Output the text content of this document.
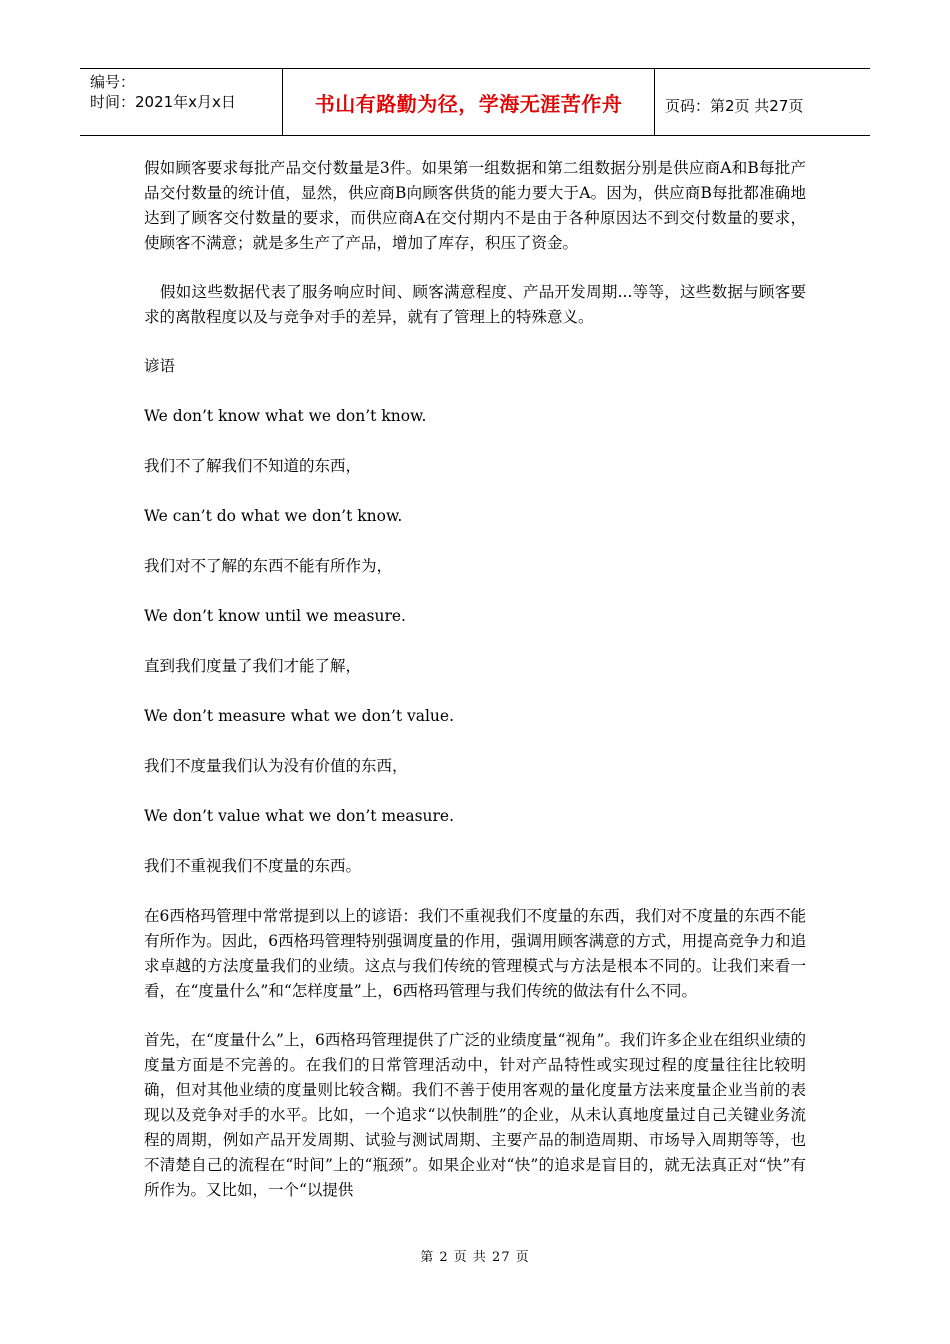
编号：
时间：2021年x月x日	书山有路勤为径，学海无涯苦作舟	页码：第2页 共27页

假如顾客要求每批产品交付数量是3件。如果第一组数据和第二组数据分别是供应商A和B每批产品交付数量的统计值，显然，供应商B向顾客供货的能力要大于A。因为，供应商B每批都准确地达到了顾客交付数量的要求，而供应商A在交付期内不是由于各种原因达不到交付数量的要求，使顾客不满意；就是多生产了产品，增加了库存，积压了资金。

假如这些数据代表了服务响应时间、顾客满意程度、产品开发周期...等等，这些数据与顾客要求的离散程度以及与竞争对手的差异，就有了管理上的特殊意义。

谚语

We don’t know what we don’t know.

我们不了解我们不知道的东西，

We can’t do what we don’t know.

我们对不了解的东西不能有所作为，

We don’t know until we measure.

直到我们度量了我们才能了解，

We don’t measure what we don’t value.

我们不度量我们认为没有价值的东西，

We don’t value what we don’t measure.

我们不重视我们不度量的东西。

在6西格玛管理中常常提到以上的谚语：我们不重视我们不度量的东西，我们对不度量的东西不能有所作为。因此，6西格玛管理特别强调度量的作用，强调用顾客满意的方式，用提高竞争力和追求卓越的方法度量我们的业绩。这点与我们传统的管理模式与方法是根本不同的。让我们来看一看，在“度量什么”和“怎样度量”上，6西格玛管理与我们传统的做法有什么不同。

首先，在“度量什么”上，6西格玛管理提供了广泛的业绩度量“视角”。我们许多企业在组织业绩的度量方面是不完善的。在我们的日常管理活动中，针对产品特性或实现过程的度量往往比较明确，但对其他业绩的度量则比较含糊。我们不善于使用客观的量化度量方法来度量企业当前的表现以及竞争对手的水平。比如，一个追求“以快制胜”的企业，从未认真地度量过自己关键业务流程的周期，例如产品开发周期、试验与测试周期、主要产品的制造周期、市场导入周期等等，也不清楚自己的流程在“时间”上的“瓶颈”。如果企业对“快”的追求是盲目的，就无法真正对“快”有所作为。又比如，一个“以提供

第 2 页 共 27 页
